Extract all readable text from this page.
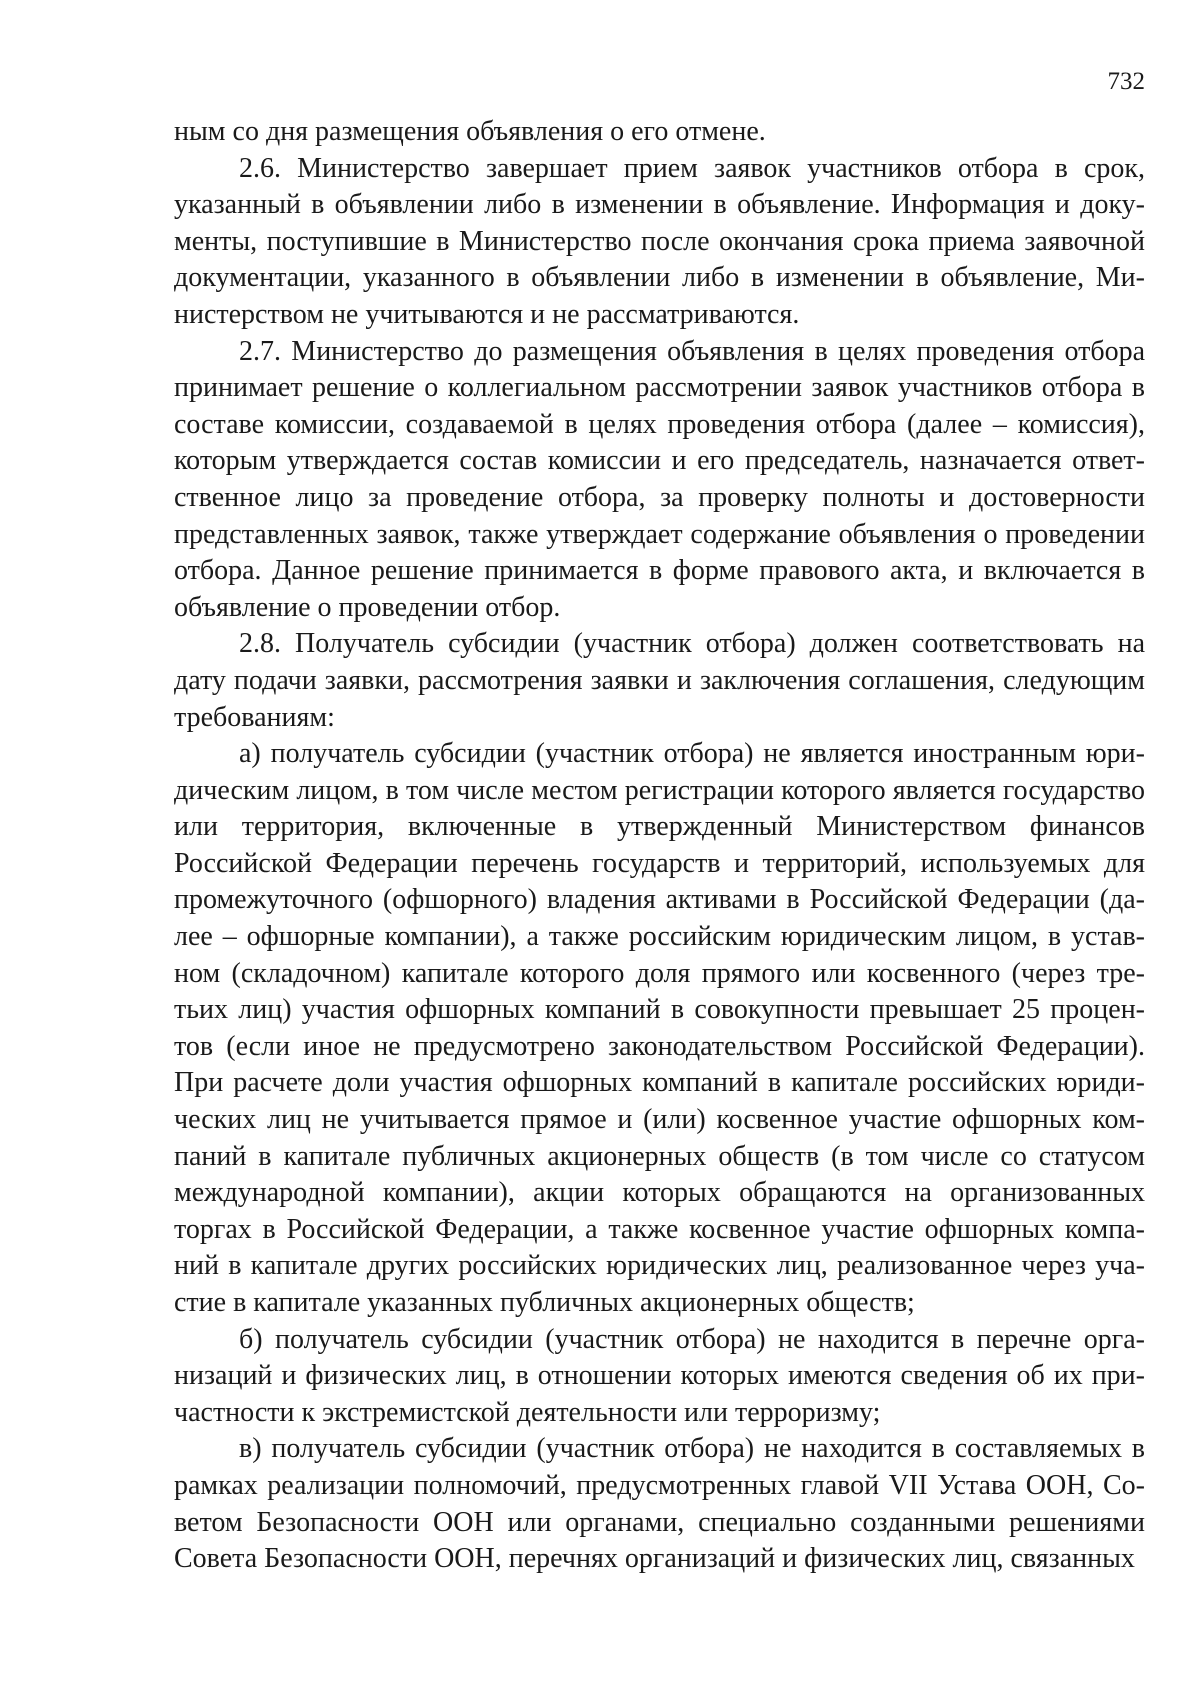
732

ным со дня размещения объявления о его отмене.

2.6. Министерство завершает прием заявок участников отбора в срок, указанный в объявлении либо в изменении в объявление. Информация и документы, поступившие в Министерство после окончания срока приема заявочной документации, указанного в объявлении либо в изменении в объявление, Министерством не учитываются и не рассматриваются.

2.7. Министерство до размещения объявления в целях проведения отбора принимает решение о коллегиальном рассмотрении заявок участников отбора в составе комиссии, создаваемой в целях проведения отбора (далее – комиссия), которым утверждается состав комиссии и его председатель, назначается ответственное лицо за проведение отбора, за проверку полноты и достоверности представленных заявок, также утверждает содержание объявления о проведении отбора. Данное решение принимается в форме правового акта, и включается в объявление о проведении отбор.

2.8. Получатель субсидии (участник отбора) должен соответствовать на дату подачи заявки, рассмотрения заявки и заключения соглашения, следующим требованиям:

а) получатель субсидии (участник отбора) не является иностранным юридическим лицом, в том числе местом регистрации которого является государство или территория, включенные в утвержденный Министерством финансов Российской Федерации перечень государств и территорий, используемых для промежуточного (офшорного) владения активами в Российской Федерации (далее – офшорные компании), а также российским юридическим лицом, в уставном (складочном) капитале которого доля прямого или косвенного (через третьих лиц) участия офшорных компаний в совокупности превышает 25 процентов (если иное не предусмотрено законодательством Российской Федерации). При расчете доли участия офшорных компаний в капитале российских юридических лиц не учитывается прямое и (или) косвенное участие офшорных компаний в капитале публичных акционерных обществ (в том числе со статусом международной компании), акции которых обращаются на организованных торгах в Российской Федерации, а также косвенное участие офшорных компаний в капитале других российских юридических лиц, реализованное через участие в капитале указанных публичных акционерных обществ;

б) получатель субсидии (участник отбора) не находится в перечне организаций и физических лиц, в отношении которых имеются сведения об их причастности к экстремистской деятельности или терроризму;

в) получатель субсидии (участник отбора) не находится в составляемых в рамках реализации полномочий, предусмотренных главой VII Устава ООН, Советом Безопасности ООН или органами, специально созданными решениями Совета Безопасности ООН, перечнях организаций и физических лиц, связанных
